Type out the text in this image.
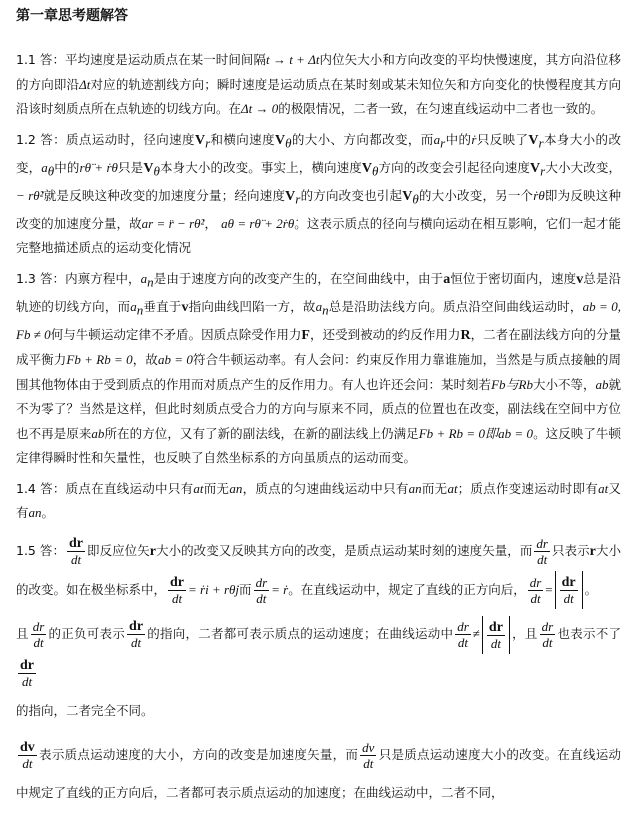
第一章思考题解答

1.1 答：平均速度是运动质点在某一时间间隔t → t + Δt内位矢大小和方向改变的平均快慢速度，其方向沿位移的方向即沿Δt对应的轨迹割线方向；瞬时速度是运动质点在某时刻或某未知位矢和方向变化的快慢程度其方向沿该时刻质点所在点轨迹的切线方向。在Δt → 0的极限情况，二者一致，在匀速直线运动中二者也一致的。

1.2 答：质点运动时，径向速度$V_r$和横向速度$V_\theta$的大小、方向都改变，而$a_r$中的ṙ只反映了$V_r$本身大小的改变，$a_\theta$中的rθ̈ + ṙθ̇只是$V_\theta$本身大小的改变。事实上，横向速度$V_\theta$方向的改变会引起径向速度$V_r$大小大改变，− rθ̇²就是反映这种改变的加速度分量；经向速度$V_r$的方向改变也引起$V_\theta$的大小改变，另一个ṙθ̇即为反映这种改变的加速度分量，故ar = r̈ − rθ̇²， aθ = rθ̈ + 2ṙθ̇。这表示质点的径向与横向运动在相互影响，它们一起才能完整地描述质点的运动变化情况

1.3 答：内禀方程中，$a_n$是由于速度方向的改变产生的，在空间曲线中，由于a恒位于密切面内，速度v总是沿轨迹的切线方向，而$a_n$垂直于v指向曲线凹陷一方，故$a_n$总是沿助法线方向。质点沿空间曲线运动时，ab = 0, Fb ≠ 0何与牛顿运动定律不矛盾。因质点除受作用力F，还受到被动的约反作用力R，二者在副法线方向的分量成平衡力Fb + Rb = 0，故ab = 0符合牛顿运动率。有人会问：约束反作用力靠谁施加，当然是与质点接触的周围其他物体由于受到质点的作用而对质点产生的反作用力。有人也许还会问：某时刻若Fb与Rb大小不等，ab就不为零了？当然是这样，但此时刻质点受合力的方向与原来不同，质点的位置也在改变，副法线在空间中方位也不再是原来ab所在的方位，又有了新的副法线，在新的副法线上仍满足Fb + Rb = 0即ab = 0。这反映了牛顿定律得瞬时性和矢量性，也反映了自然坐标系的方向虽质点的运动而变。

1.4 答：质点在直线运动中只有at而无an，质点的匀速曲线运动中只有an而无at；质点作变速运动时即有at又有an。

1.5 答： $\frac{dr}{dt}$ 即反应位矢r大小的改变又反映其方向的改变，是质点运动某时刻的速度矢量，而 $\frac{dr}{dt}$ 只表示r大小的改变。如在极坐标系中， $\frac{dr}{dt}$ = ṙi + rθ̇j而 $\frac{dr}{dt}$ = ṙ。在直线运动中，规定了直线的正方向后， $\frac{dr}{dt} = \frac{dr}{dt}$ 。

且 $\frac{dr}{dt}$ 的正负可表示 $\frac{dr}{dt}$ 的指向，二者都可表示质点的运动速度；在曲线运动中 $\frac{dr}{dt} \ne \frac{dr}{dt}$ ，且 $\frac{dr}{dt}$ 也表示不了
$\frac{dr}{dt}$

的指向，二者完全不同。

$\frac{dv}{dt}$ 表示质点运动速度的大小，方向的改变是加速度矢量，而 $\frac{dv}{dt}$ 只是质点运动速度大小的改变。在直线运动中规定了直线的正方向后，二者都可表示质点运动的加速度；在曲线运动中，二者不同，
